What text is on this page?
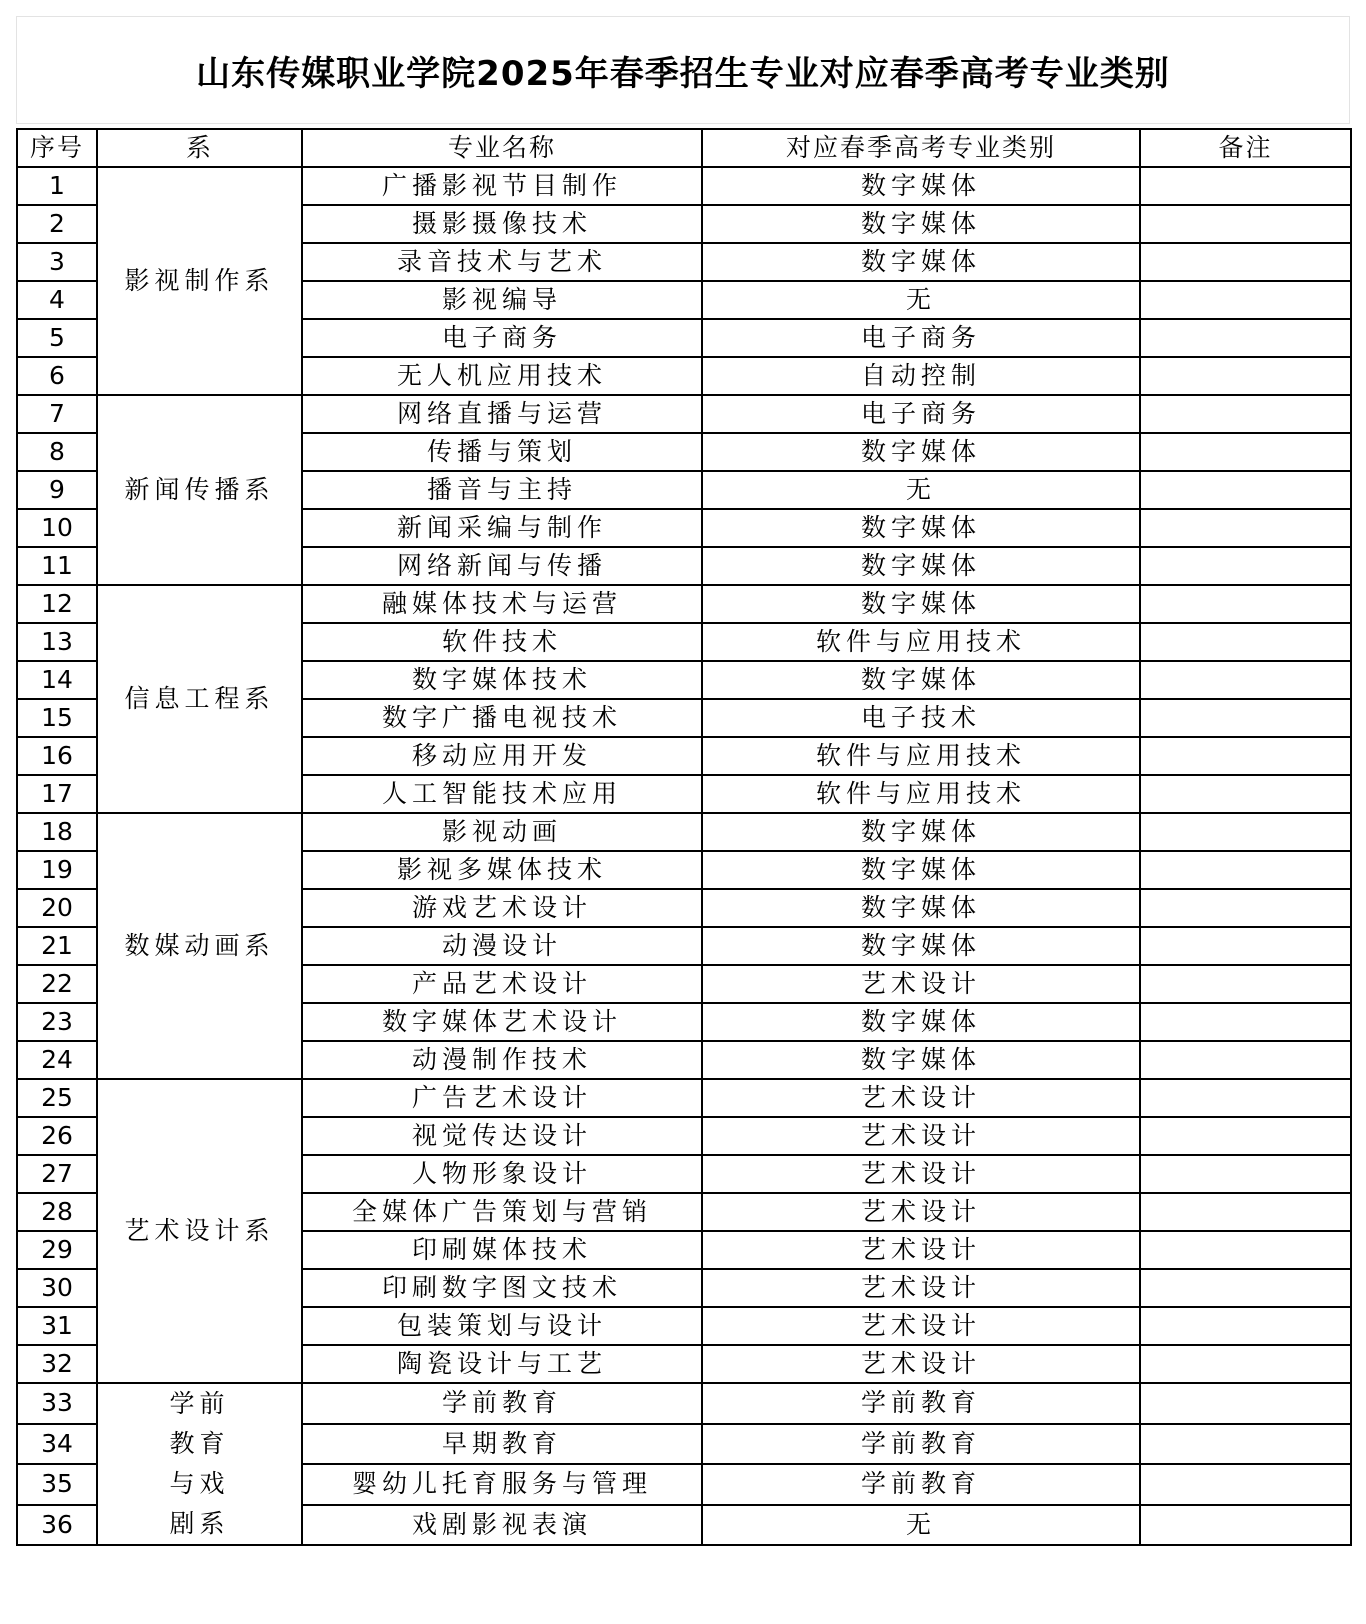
山东传媒职业学院2025年春季招生专业对应春季高考专业类别
序号	系	专业名称	对应春季高考专业类别	备注
1	影视制作系	广播影视节目制作	数字媒体	
2		摄影摄像技术	数字媒体	
3		录音技术与艺术	数字媒体	
4		影视编导	无	
5		电子商务	电子商务	
6		无人机应用技术	自动控制	
7	新闻传播系	网络直播与运营	电子商务	
8		传播与策划	数字媒体	
9		播音与主持	无	
10		新闻采编与制作	数字媒体	
11		网络新闻与传播	数字媒体	
12	信息工程系	融媒体技术与运营	数字媒体	
13		软件技术	软件与应用技术	
14		数字媒体技术	数字媒体	
15		数字广播电视技术	电子技术	
16		移动应用开发	软件与应用技术	
17		人工智能技术应用	软件与应用技术	
18	数媒动画系	影视动画	数字媒体	
19		影视多媒体技术	数字媒体	
20		游戏艺术设计	数字媒体	
21		动漫设计	数字媒体	
22		产品艺术设计	艺术设计	
23		数字媒体艺术设计	数字媒体	
24		动漫制作技术	数字媒体	
25	艺术设计系	广告艺术设计	艺术设计	
26		视觉传达设计	艺术设计	
27		人物形象设计	艺术设计	
28		全媒体广告策划与营销	艺术设计	
29		印刷媒体技术	艺术设计	
30		印刷数字图文技术	艺术设计	
31		包装策划与设计	艺术设计	
32		陶瓷设计与工艺	艺术设计	
33	学前教育与戏剧系	学前教育	学前教育	
34		早期教育	学前教育	
35		婴幼儿托育服务与管理	学前教育	
36		戏剧影视表演	无	
